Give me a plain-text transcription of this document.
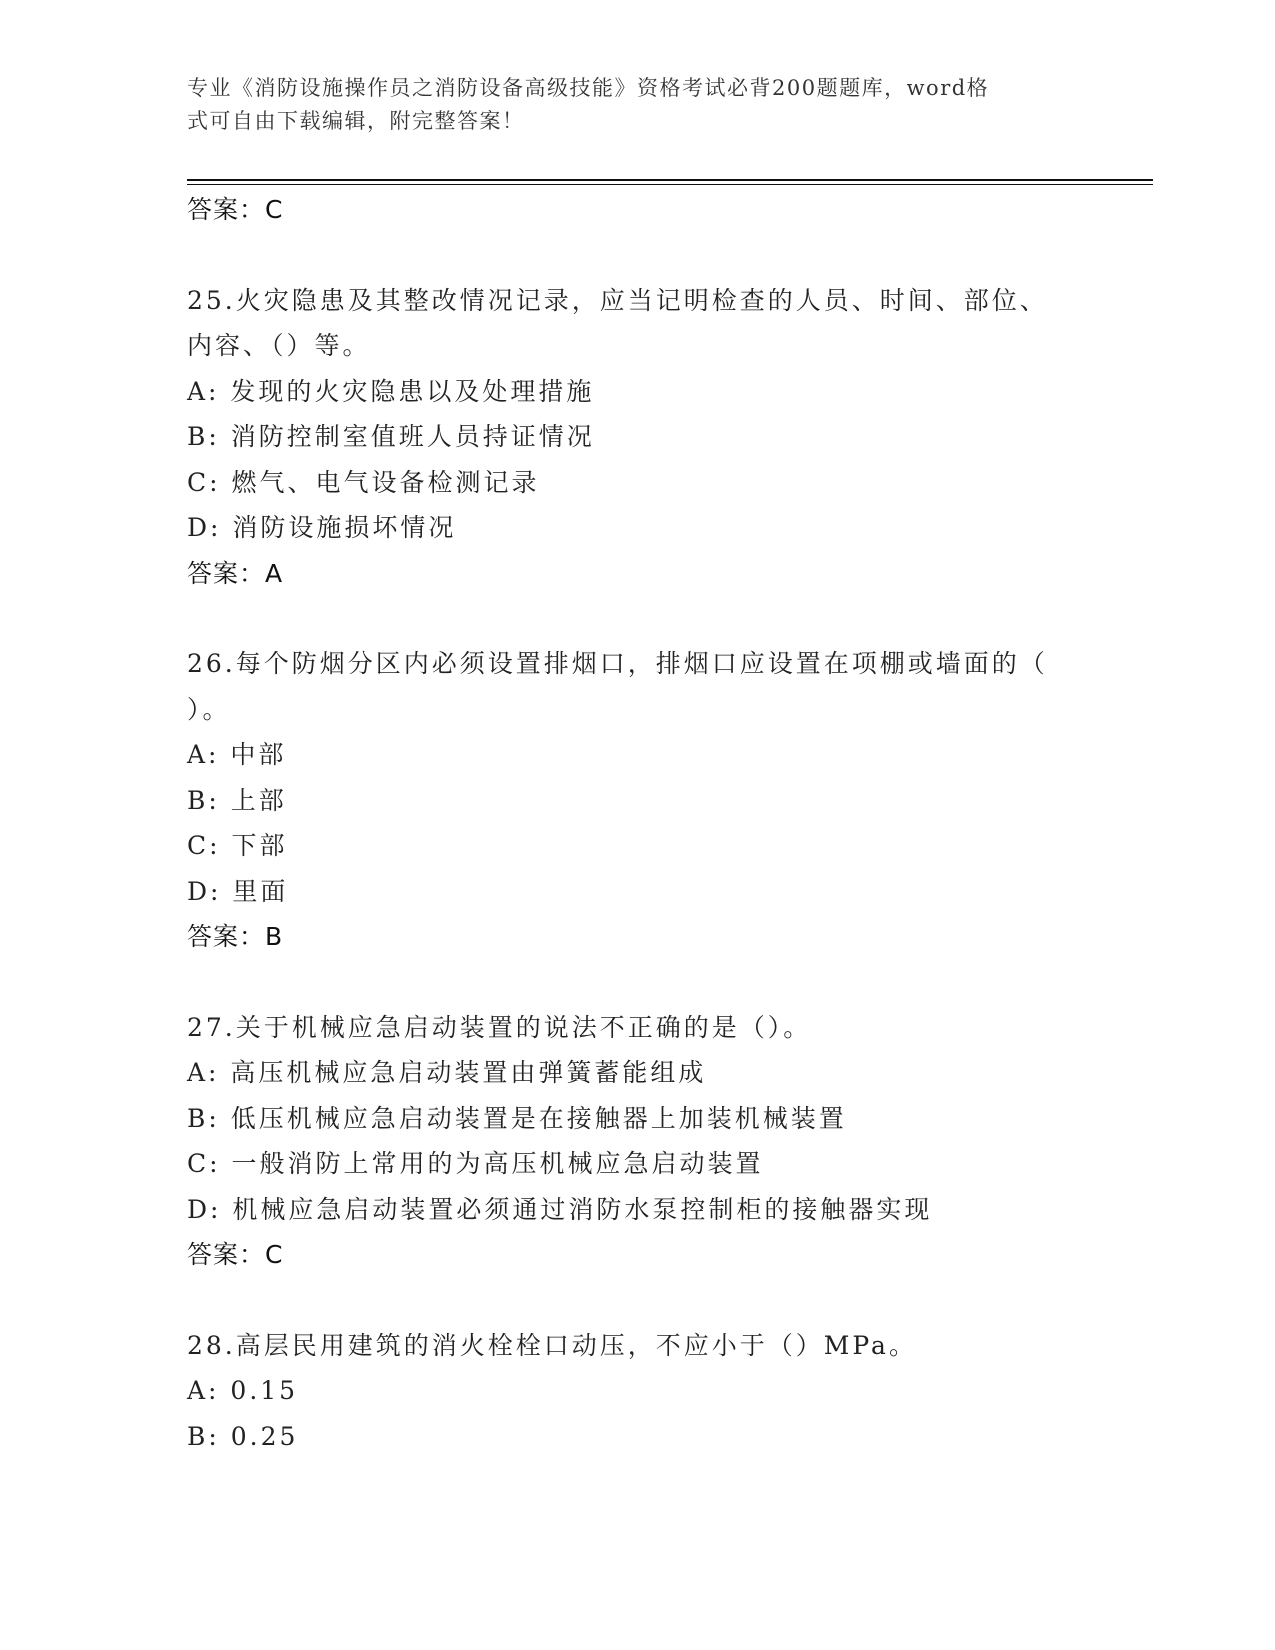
专业《消防设施操作员之消防设备高级技能》资格考试必背200题题库，word格
式可自由下载编辑，附完整答案！
答案：C
25.火灾隐患及其整改情况记录，应当记明检查的人员、时间、部位、
内容、（）等。
A: 发现的火灾隐患以及处理措施
B: 消防控制室值班人员持证情况
C: 燃气、电气设备检测记录
D: 消防设施损坏情况
答案：A
26.每个防烟分区内必须设置排烟口，排烟口应设置在项棚或墙面的（
）。
A: 中部
B: 上部
C: 下部
D: 里面
答案：B
27.关于机械应急启动装置的说法不正确的是（）。
A: 高压机械应急启动装置由弹簧蓄能组成
B: 低压机械应急启动装置是在接触器上加装机械装置
C: 一般消防上常用的为高压机械应急启动装置
D: 机械应急启动装置必须通过消防水泵控制柜的接触器实现
答案：C
28.高层民用建筑的消火栓栓口动压，不应小于（）MPa。
A: 0.15
B: 0.25
